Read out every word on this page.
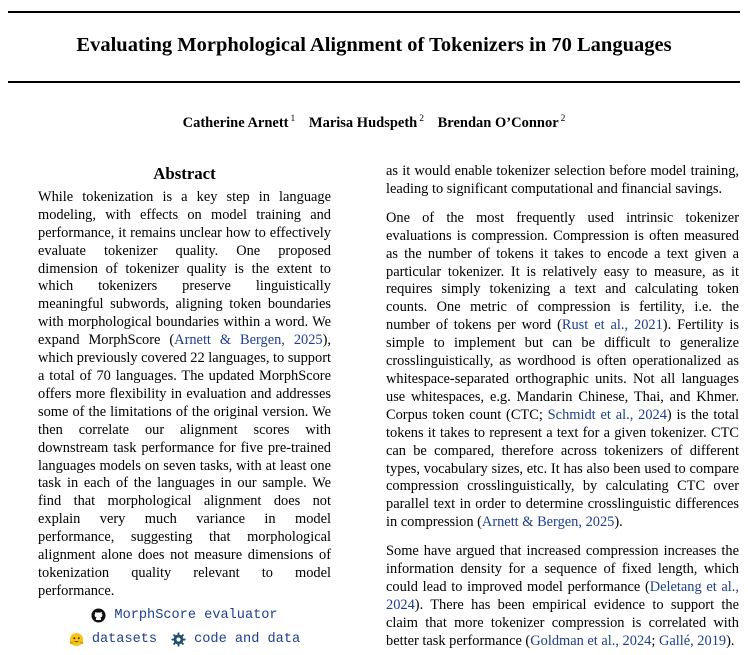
Evaluating Morphological Alignment of Tokenizers in 70 Languages
Catherine Arnett $^1$ Marisa Hudspeth $^2$ Brendan O’Connor $^2$
Abstract

While tokenization is a key step in language modeling, with effects on model training and performance, it remains unclear how to effectively evaluate tokenizer quality. One proposed dimension of tokenizer quality is the extent to which tokenizers preserve linguistically meaningful subwords, aligning token boundaries with morphological boundaries within a word. We expand MorphScore (Arnett & Bergen, 2025), which previously covered 22 languages, to support a total of 70 languages. The updated MorphScore offers more flexibility in evaluation and addresses some of the limitations of the original version. We then correlate our alignment scores with downstream task performance for five pre-trained languages models on seven tasks, with at least one task in each of the languages in our sample. We find that morphological alignment does not explain very much variance in model performance, suggesting that morphological alignment alone does not measure dimensions of tokenization quality relevant to model performance.

MorphScore evaluator
datasets	code and data

as it would enable tokenizer selection before model training, leading to significant computational and financial savings.

One of the most frequently used intrinsic tokenizer evaluations is compression. Compression is often measured as the number of tokens it takes to encode a text given a particular tokenizer. It is relatively easy to measure, as it requires simply tokenizing a text and calculating token counts. One metric of compression is fertility, i.e. the number of tokens per word (Rust et al., 2021). Fertility is simple to implement but can be difficult to generalize crosslinguistically, as wordhood is often operationalized as whitespace-separated orthographic units. Not all languages use whitespaces, e.g. Mandarin Chinese, Thai, and Khmer. Corpus token count (CTC; Schmidt et al., 2024) is the total tokens it takes to represent a text for a given tokenizer. CTC can be compared, therefore across tokenizers of different types, vocabulary sizes, etc. It has also been used to compare compression crosslinguistically, by calculating CTC over parallel text in order to determine crosslinguistic differences in compression (Arnett & Bergen, 2025).

Some have argued that increased compression increases the information density for a sequence of fixed length, which could lead to improved model performance (Deletang et al., 2024). There has been empirical evidence to support the claim that more tokenizer compression is correlated with better task performance (Goldman et al., 2024; Gallé, 2019).
